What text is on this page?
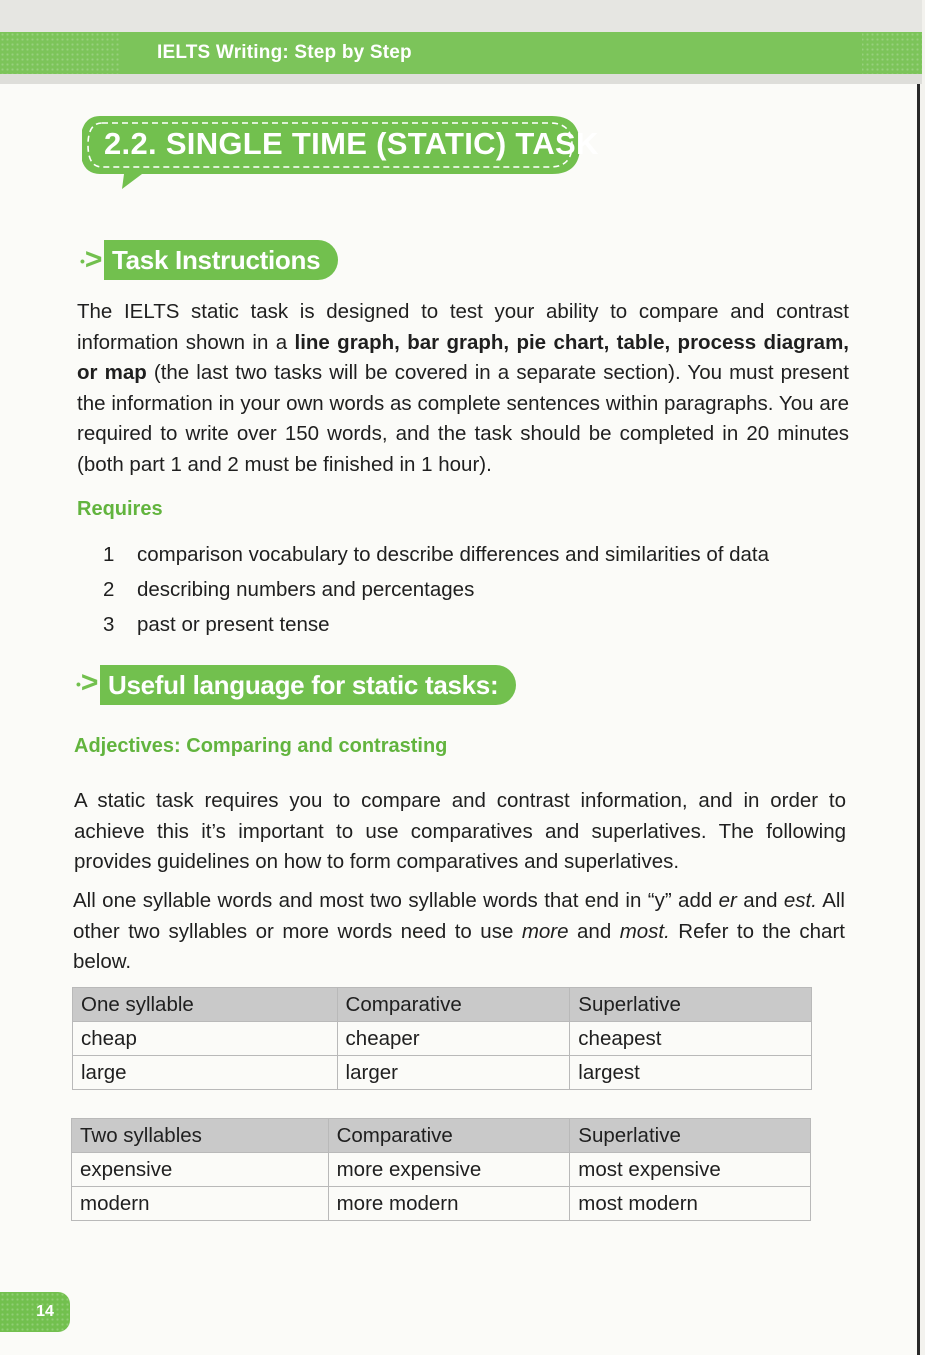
IELTS Writing: Step by Step
2.2. SINGLE TIME (STATIC) TASK
•> Task Instructions
The IELTS static task is designed to test your ability to compare and contrast information shown in a line graph, bar graph, pie chart, table, process diagram, or map (the last two tasks will be covered in a separate section). You must present the information in your own words as complete sentences within paragraphs. You are required to write over 150 words, and the task should be completed in 20 minutes (both part 1 and 2 must be finished in 1 hour).
Requires
1 comparison vocabulary to describe differences and similarities of data
2 describing numbers and percentages
3 past or present tense
•> Useful language for static tasks:
Adjectives: Comparing and contrasting
A static task requires you to compare and contrast information, and in order to achieve this it’s important to use comparatives and superlatives. The following provides guidelines on how to form comparatives and superlatives.
All one syllable words and most two syllable words that end in “y” add er and est. All other two syllables or more words need to use more and most. Refer to the chart below.
One syllable	Comparative	Superlative
cheap	cheaper	cheapest
large	larger	largest
Two syllables	Comparative	Superlative
expensive	more expensive	most expensive
modern	more modern	most modern
14
